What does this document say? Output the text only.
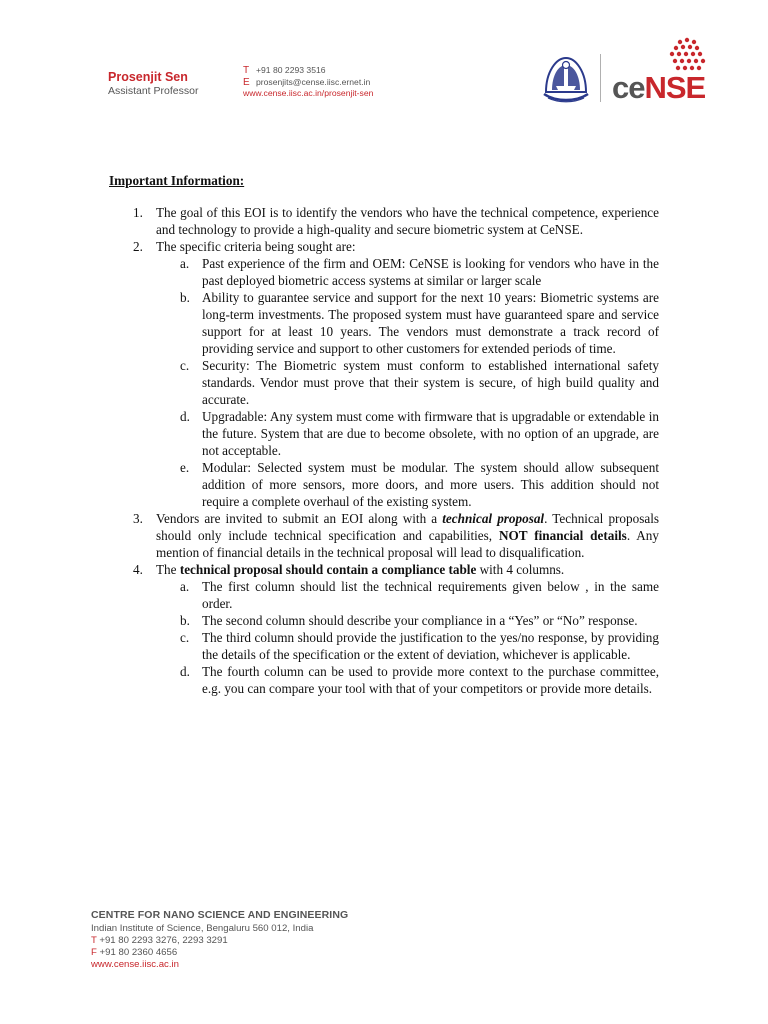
Prosenjit Sen
Assistant Professor
T +91 80 2293 3516
E prosenjits@cense.iisc.ernet.in
www.cense.iisc.ac.in/prosenjit-sen	ceNSE
Important Information:
1. The goal of this EOI is to identify the vendors who have the technical competence, experience and technology to provide a high-quality and secure biometric system at CeNSE.
2. The specific criteria being sought are:
a. Past experience of the firm and OEM: CeNSE is looking for vendors who have in the past deployed biometric access systems at similar or larger scale
b. Ability to guarantee service and support for the next 10 years: Biometric systems are long-term investments. The proposed system must have guaranteed spare and service support for at least 10 years. The vendors must demonstrate a track record of providing service and support to other customers for extended periods of time.
c. Security: The Biometric system must conform to established international safety standards. Vendor must prove that their system is secure, of high build quality and accurate.
d. Upgradable: Any system must come with firmware that is upgradable or extendable in the future. System that are due to become obsolete, with no option of an upgrade, are not acceptable.
e. Modular: Selected system must be modular. The system should allow subsequent addition of more sensors, more doors, and more users. This addition should not require a complete overhaul of the existing system.
3. Vendors are invited to submit an EOI along with a technical proposal. Technical proposals should only include technical specification and capabilities, NOT financial details. Any mention of financial details in the technical proposal will lead to disqualification.
4. The technical proposal should contain a compliance table with 4 columns.
a. The first column should list the technical requirements given below , in the same order.
b. The second column should describe your compliance in a “Yes” or “No” response.
c. The third column should provide the justification to the yes/no response, by providing the details of the specification or the extent of deviation, whichever is applicable.
d. The fourth column can be used to provide more context to the purchase committee, e.g. you can compare your tool with that of your competitors or provide more details.
CENTRE FOR NANO SCIENCE AND ENGINEERING
Indian Institute of Science, Bengaluru 560 012, India
T +91 80 2293 3276, 2293 3291
F +91 80 2360 4656
www.cense.iisc.ac.in
